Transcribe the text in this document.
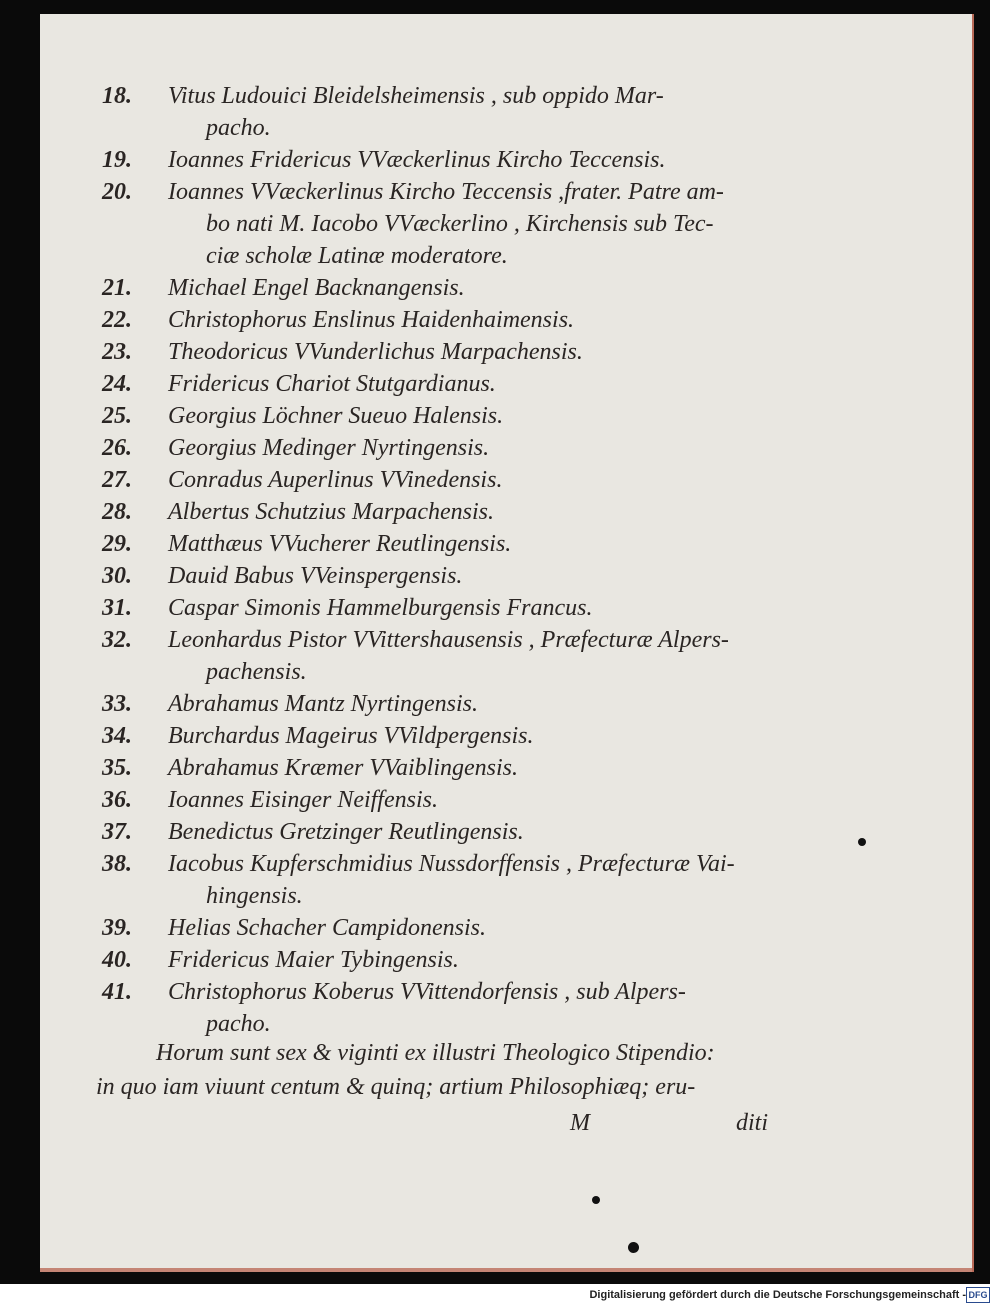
18. Vitus Ludouici Bleidelsheimensis , sub oppido Mar-
pacho.
19. Ioannes Fridericus VVæckerlinus Kircho Teccensis.
20. Ioannes VVæckerlinus Kircho Teccensis ,frater. Patre am-
bo nati M. Iacobo VVæckerlino , Kirchensis sub Tec-
ciæ scholæ Latinæ moderatore.
21. Michael Engel Backnangensis.
22. Christophorus Enslinus Haidenhaimensis.
23. Theodoricus VVunderlichus Marpachensis.
24. Fridericus Chariot Stutgardianus.
25. Georgius Löchner Sueuo Halensis.
26. Georgius Medinger Nyrtingensis.
27. Conradus Auperlinus VVinedensis.
28. Albertus Schutzius Marpachensis.
29. Matthæus VVucherer Reutlingensis.
30. Dauid Babus VVeinspergensis.
31. Caspar Simonis Hammelburgensis Francus.
32. Leonhardus Pistor VVittershausensis , Præfecturæ Alpers-
pachensis.
33. Abrahamus Mantz Nyrtingensis.
34. Burchardus Mageirus VVildpergensis.
35. Abrahamus Kræmer VVaiblingensis.
36. Ioannes Eisinger Neiffensis.
37. Benedictus Gretzinger Reutlingensis.
38. Iacobus Kupferschmidius Nussdorffensis , Præfecturæ Vai-
hingensis.
39. Helias Schacher Campidonensis.
40. Fridericus Maier Tybingensis.
41. Christophorus Koberus VVittendorfensis , sub Alpers-
pacho.
Horum sunt sex & viginti ex illustri Theologico Stipendio:
in quo iam viuunt centum & quinq; artium Philosophiæq; eru-
M	diti
Digitalisierung gefördert durch die Deutsche Forschungsgemeinschaft - DFG
